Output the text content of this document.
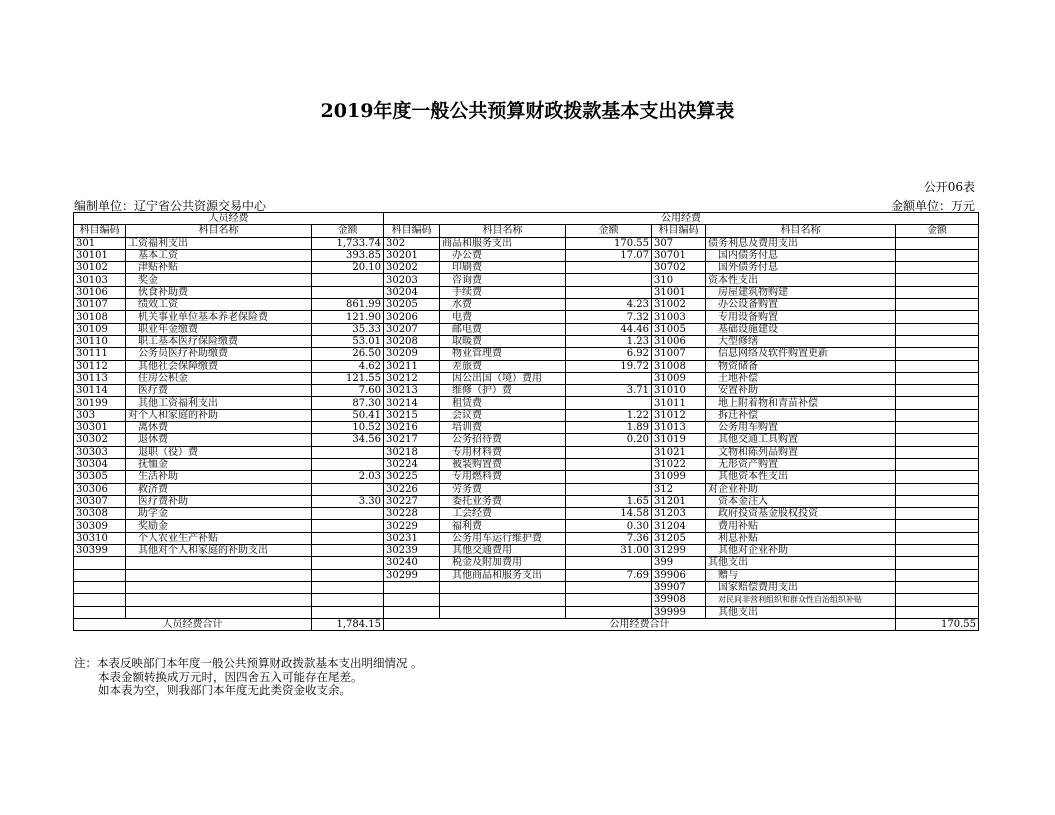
2019年度一般公共预算财政拨款基本支出决算表
公开06表
编制单位：辽宁省公共资源交易中心	金额单位：万元
人员经费			公用经费					
科目编码	科目名称	金额	科目编码	科目名称	金额	科目编码	科目名称	金额
301	工资福利支出	1,733.74	302	商品和服务支出	170.55	307	债务利息及费用支出	
30101	基本工资	393.85	30201	办公费	17.07	30701	国内债务付息	
30102	津贴补贴	20.10	30202	印刷费		30702	国外债务付息	
30103	奖金		30203	咨询费		310	资本性支出	
30106	伙食补助费		30204	手续费		31001	房屋建筑物购建	
30107	绩效工资	861.99	30205	水费	4.23	31002	办公设备购置	
30108	机关事业单位基本养老保险费	121.90	30206	电费	7.32	31003	专用设备购置	
30109	职业年金缴费	35.33	30207	邮电费	44.46	31005	基础设施建设	
30110	职工基本医疗保险缴费	53.01	30208	取暖费	1.23	31006	大型修缮	
30111	公务员医疗补助缴费	26.50	30209	物业管理费	6.92	31007	信息网络及软件购置更新	
30112	其他社会保障缴费	4.62	30211	差旅费	19.72	31008	物资储备	
30113	住房公积金	121.55	30212	因公出国（境）费用		31009	土地补偿	
30114	医疗费	7.60	30213	维修（护）费	3.71	31010	安置补助	
30199	其他工资福利支出	87.30	30214	租赁费		31011	地上附着物和青苗补偿	
303	对个人和家庭的补助	50.41	30215	会议费	1.22	31012	拆迁补偿	
30301	离休费	10.52	30216	培训费	1.89	31013	公务用车购置	
30302	退休费	34.56	30217	公务招待费	0.20	31019	其他交通工具购置	
30303	退职（役）费		30218	专用材料费		31021	文物和陈列品购置	
30304	抚恤金		30224	被装购置费		31022	无形资产购置	
30305	生活补助	2.03	30225	专用燃料费		31099	其他资本性支出	
30306	救济费		30226	劳务费		312	对企业补助	
30307	医疗费补助	3.30	30227	委托业务费	1.65	31201	资本金注入	
30308	助学金		30228	工会经费	14.58	31203	政府投资基金股权投资	
30309	奖励金		30229	福利费	0.30	31204	费用补贴	
30310	个人农业生产补贴		30231	公务用车运行维护费	7.36	31205	利息补贴	
30399	其他对个人和家庭的补助支出		30239	其他交通费用	31.00	31299	其他对企业补助	
			30240	税金及附加费用		399	其他支出	
			30299	其他商品和服务支出	7.69	39906	赠与	
						39907	国家赔偿费用支出	
						39908	对民间非营利组织和群众性自治组织补贴	
						39999	其他支出	
人员经费合计		1,784.15	公用经费合计					170.55
注：本表反映部门本年度一般公共预算财政拨款基本支出明细情况 。
本表金额转换成万元时，因四舍五入可能存在尾差。
如本表为空，则我部门本年度无此类资金收支余。
